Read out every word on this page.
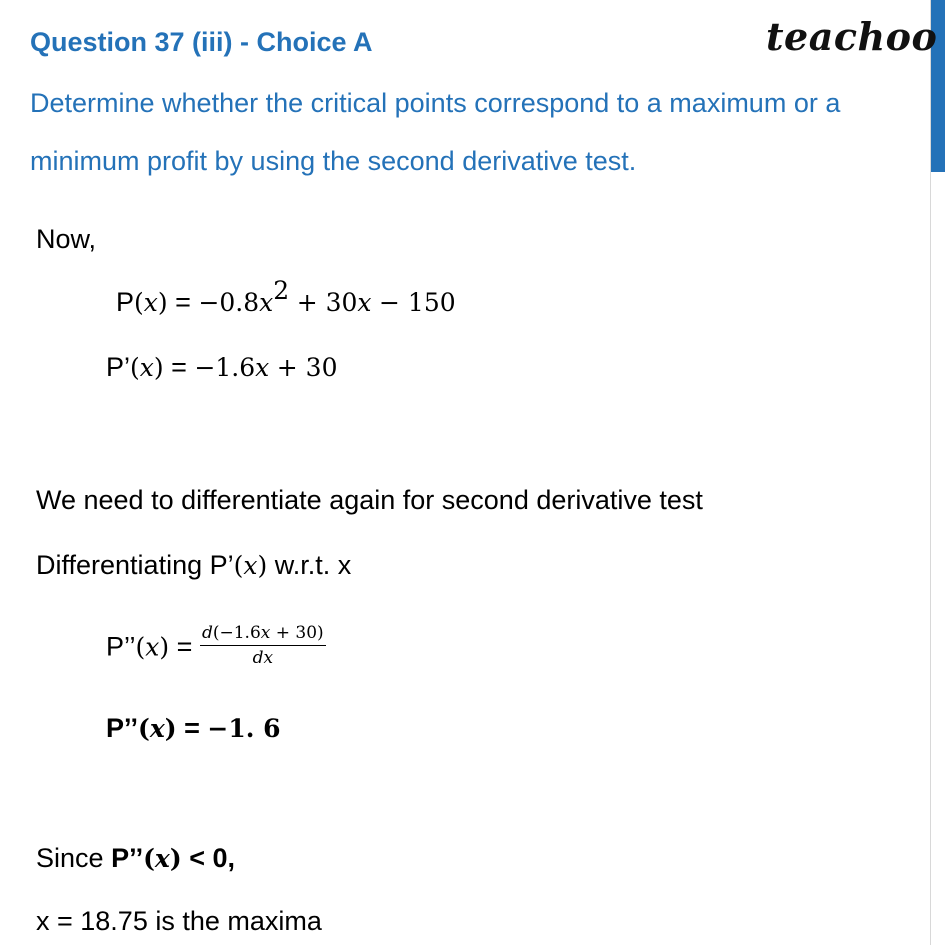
Question 37 (iii) - Choice A	teachoo
Determine whether the critical points correspond to a maximum or a
minimum profit by using the second derivative test.
Now,
$P(x) = -0.8x^2 + 30x - 150$
P’(x) = −1.6x + 30
We need to differentiate again for second derivative test
Differentiating P’(x) w.r.t. x
P’’(x) = $\frac{d(-1.6x + 30)}{dx}$
P’’(x) = −1. 6
Since P’’(x) < 0,
x = 18.75 is the maxima
